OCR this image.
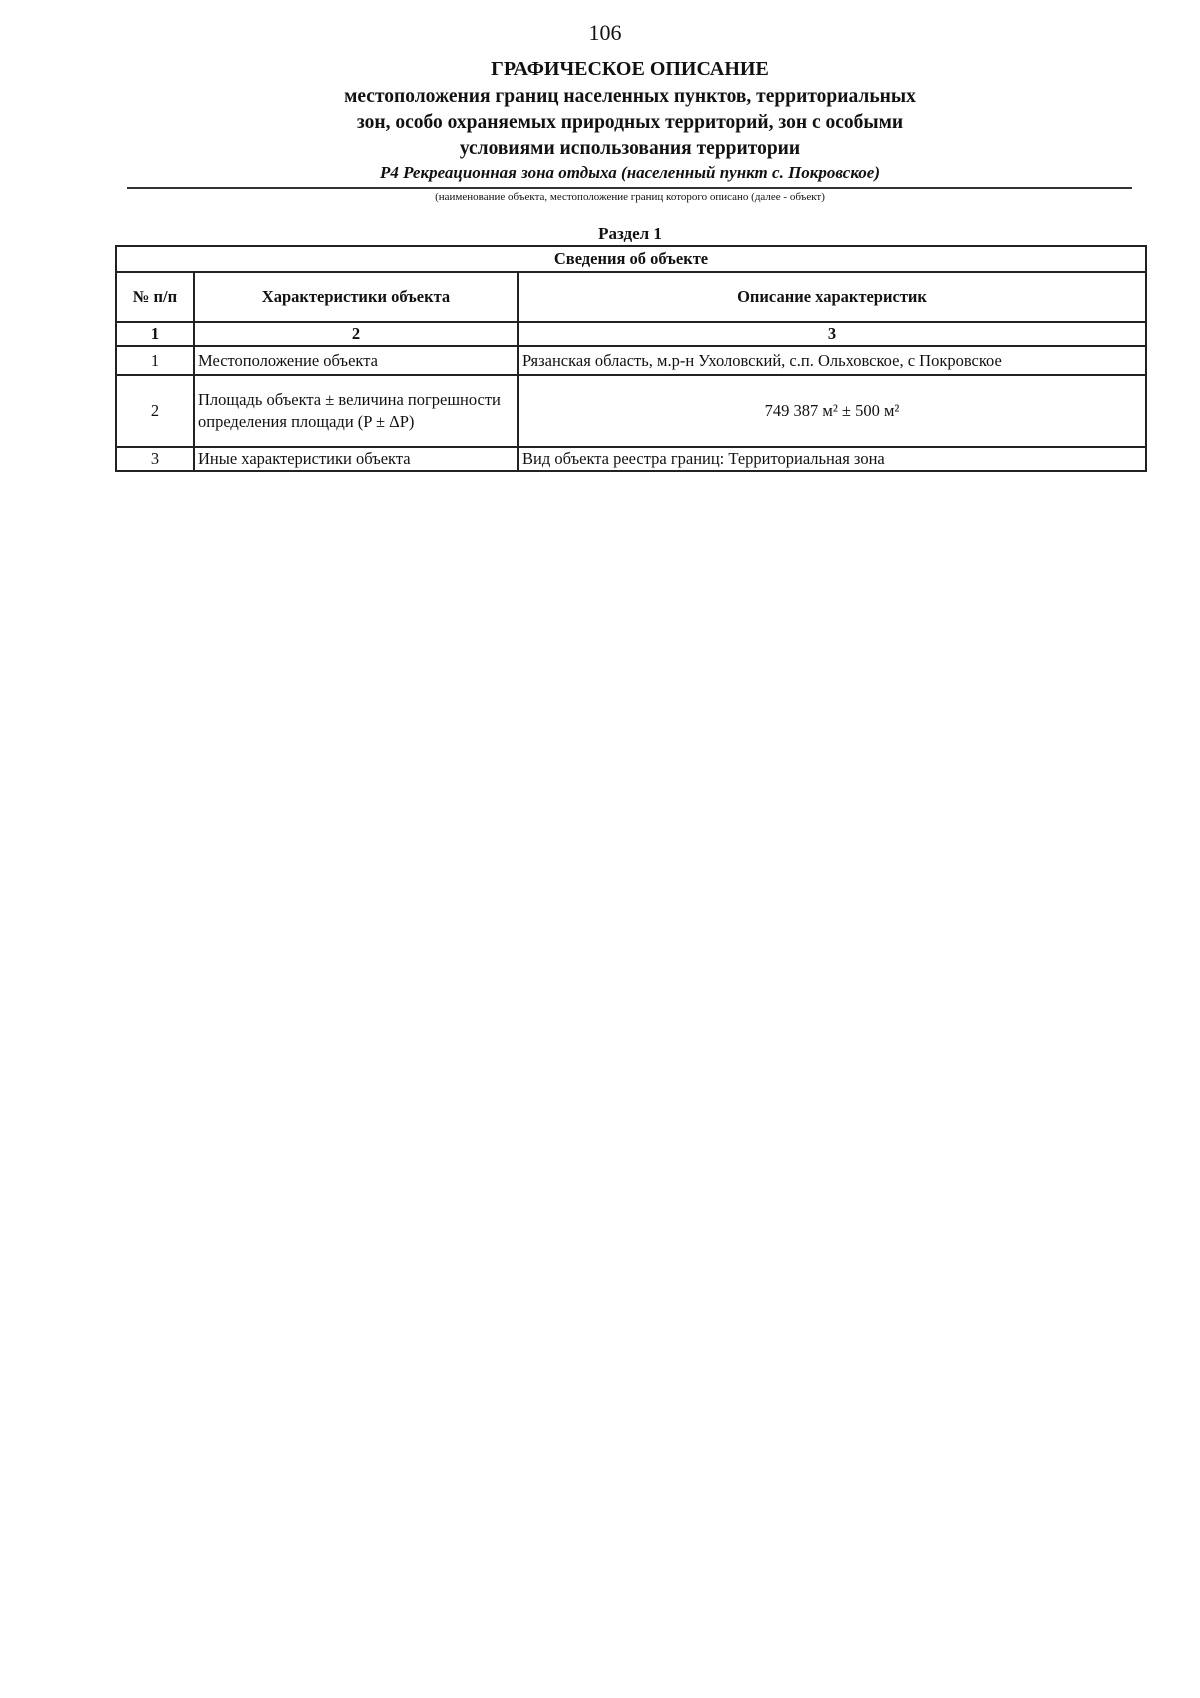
106
ГРАФИЧЕСКОЕ ОПИСАНИЕ
местоположения границ населенных пунктов, территориальных
зон, особо охраняемых природных территорий, зон с особыми
условиями использования территории
Р4 Рекреационная зона отдыха (населенный пункт с. Покровское)
(наименование объекта, местоположение границ которого описано (далее - объект)
Раздел 1
Сведения об объекте		
№ п/п	Характеристики объекта	Описание характеристик
1	2	3
1	Местоположение объекта	Рязанская область, м.р-н Ухоловский, с.п. Ольховское, с Покровское
2	Площадь объекта ± величина погрешности определения площади (P ± ΔP)	749 387 м² ± 500 м²
3	Иные характеристики объекта	Вид объекта реестра границ: Территориальная зона
